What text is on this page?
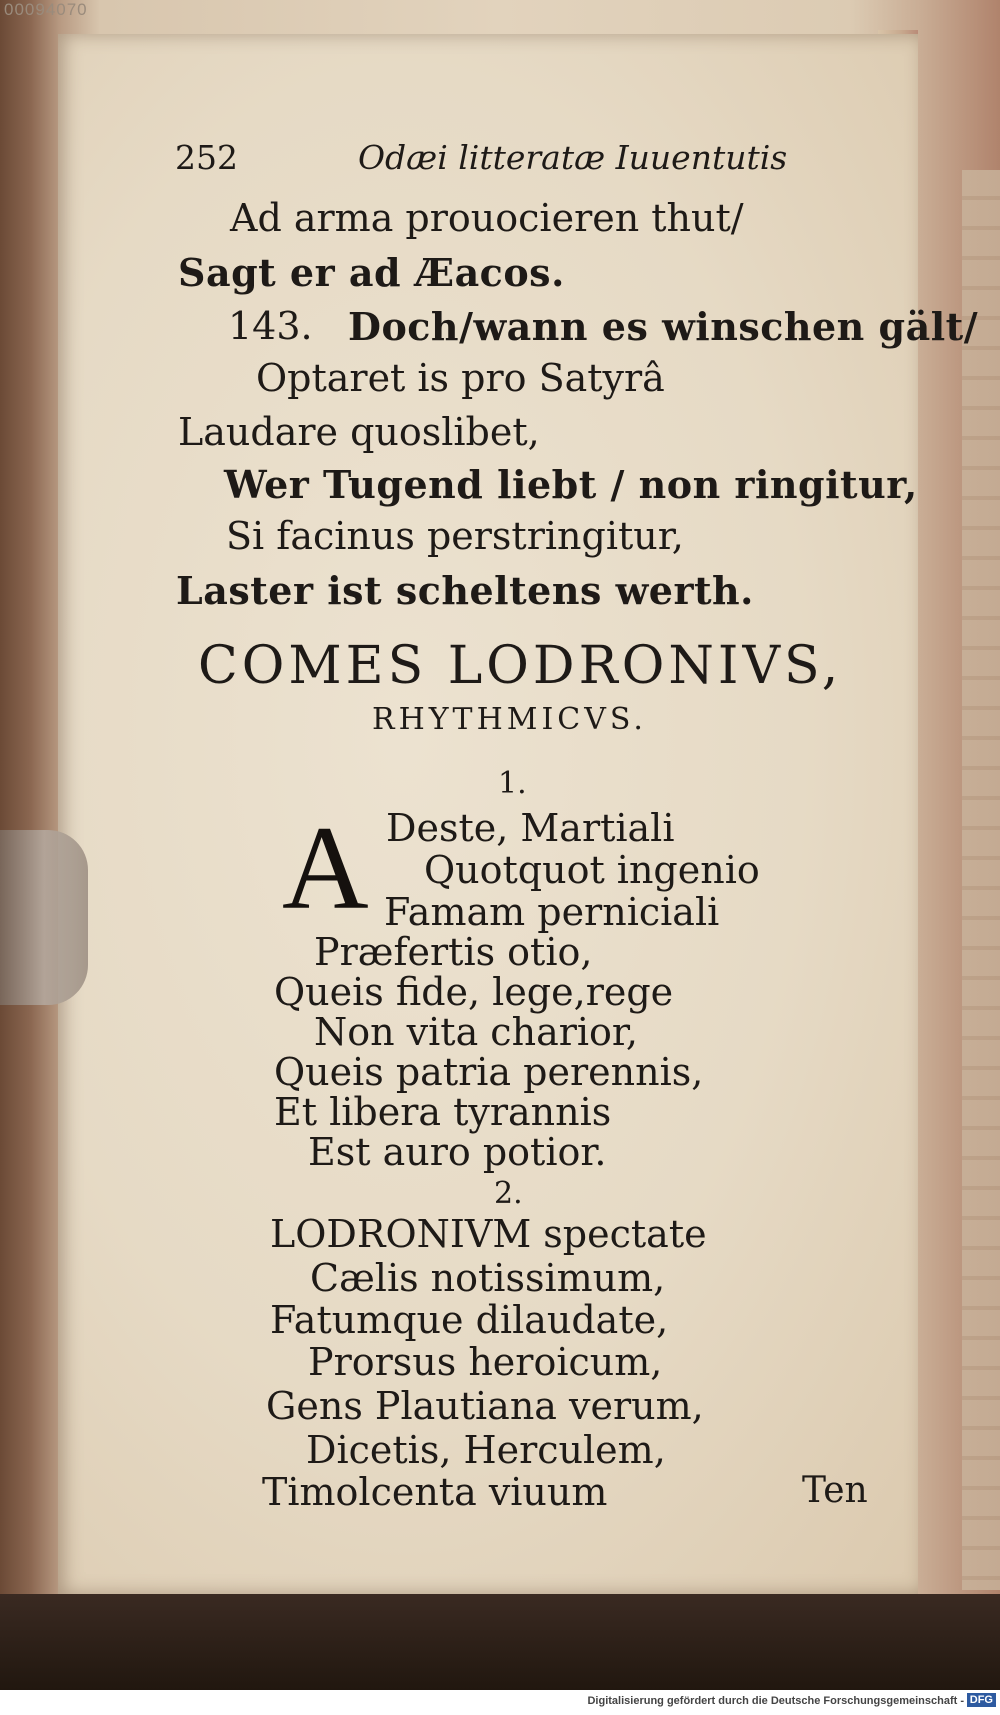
00094070
252	Odæi litteratæ Iuuentutis
Ad arma prouocieren thut/
Sagt er ad Æacos.
143. Doch/wann es winschen gält/
Optaret is pro Satyrâ
Laudare quoslibet,
Wer Tugend liebt / non ringitur,
Si facinus perstringitur,
Laster ist scheltens werth.
COMES LODRONIVS,
RHYTHMICVS.
1.
A Deste, Martiali
Quotquot ingenio
Famam perniciali
Præfertis otio,
Queis fide, lege,rege
Non vita charior,
Queis patria perennis,
Et libera tyrannis
Est auro potior.
2.
LODRONIVM spectate
Cælis notissimum,
Fatumque dilaudate,
Prorsus heroicum,
Gens Plautiana verum,
Dicetis, Herculem,
Timolcenta viuum	Ten
Digitalisierung gefördert durch die Deutsche Forschungsgemeinschaft - DFG
